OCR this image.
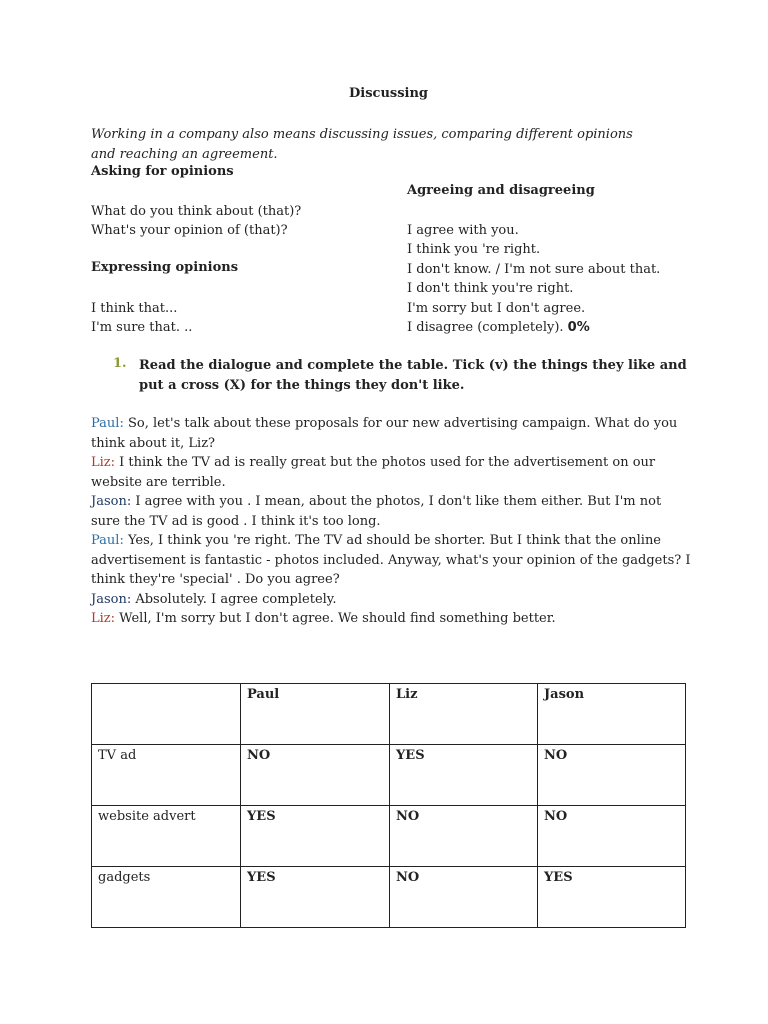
Discussing
Working in a company also means discussing issues, comparing different opinions and reaching an agreement.
Asking for opinions
What do you think about (that)?
What's your opinion of (that)?
Expressing opinions
I think that...
I'm sure that. ..
Agreeing and disagreeing
I agree with you.
I think you 're right.
I don't know. / I'm not sure about that.
I don't think you're right.
I'm sorry but I don't agree.
I disagree (completely). 0%
1. Read the dialogue and complete the table. Tick (v) the things they like and put a cross (X) for the things they don't like.

Paul: So, let's talk about these proposals for our new advertising campaign. What do you think about it, Liz?

Liz: I think the TV ad is really great but the photos used for the advertisement on our website are terrible.

Jason: I agree with you . I mean, about the photos, I don't like them either. But I'm not sure the TV ad is good . I think it's too long.

Paul: Yes, I think you 're right. The TV ad should be shorter. But I think that the online advertisement is fantastic - photos included. Anyway, what's your opinion of the gadgets? I think they're 'special' . Do you agree?

Jason: Absolutely. I agree completely.

Liz: Well, I'm sorry but I don't agree. We should find something better.

	Paul	Liz	Jason
TV ad	NO	YES	NO
website advert	YES	NO	NO
gadgets	YES	NO	YES
